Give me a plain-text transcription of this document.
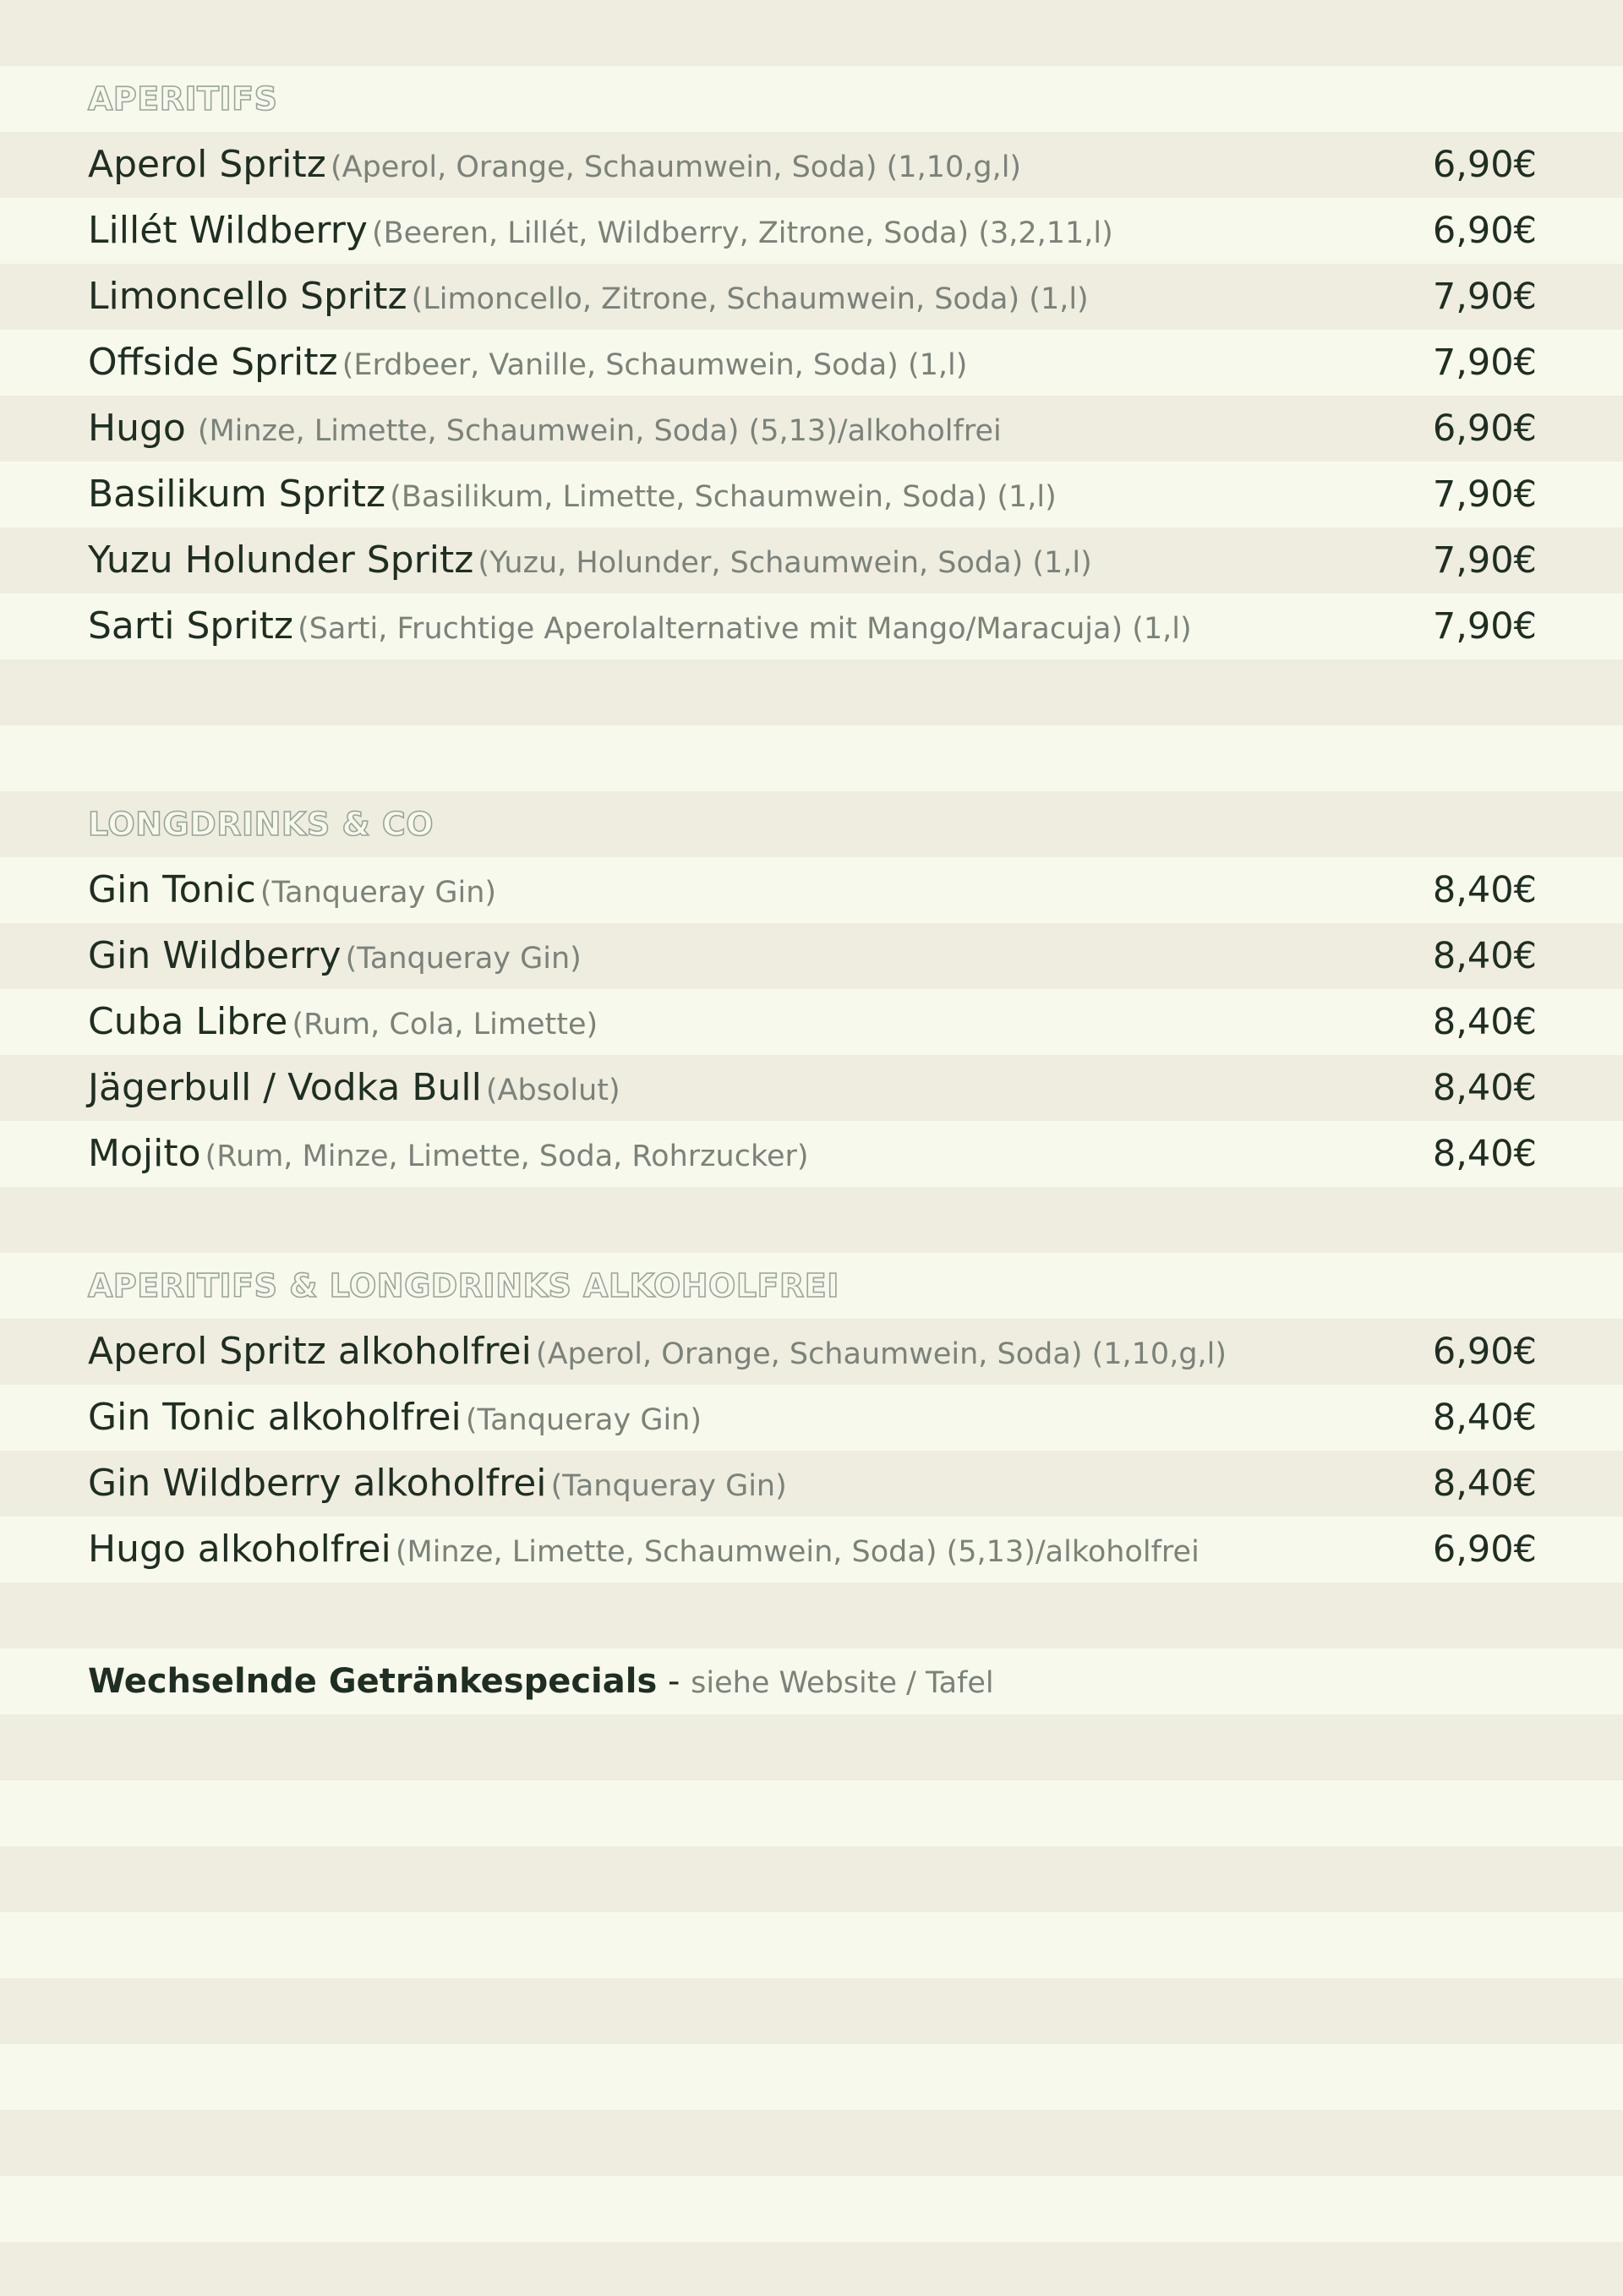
APERITIFS
Aperol Spritz (Aperol, Orange, Schaumwein, Soda) (1,10,g,l)	6,90€
Lillét Wildberry (Beeren, Lillét, Wildberry, Zitrone, Soda) (3,2,11,l)	6,90€
Limoncello Spritz (Limoncello, Zitrone, Schaumwein, Soda) (1,l)	7,90€
Offside Spritz (Erdbeer, Vanille, Schaumwein, Soda) (1,l)	7,90€
Hugo (Minze, Limette, Schaumwein, Soda) (5,13)/alkoholfrei	6,90€
Basilikum Spritz (Basilikum, Limette, Schaumwein, Soda) (1,l)	7,90€
Yuzu Holunder Spritz (Yuzu, Holunder, Schaumwein, Soda) (1,l)	7,90€
Sarti Spritz (Sarti, Fruchtige Aperolalternative mit Mango/Maracuja) (1,l)	7,90€
LONGDRINKS & CO
Gin Tonic (Tanqueray Gin)	8,40€
Gin Wildberry (Tanqueray Gin)	8,40€
Cuba Libre (Rum, Cola, Limette)	8,40€
Jägerbull / Vodka Bull (Absolut)	8,40€
Mojito (Rum, Minze, Limette, Soda, Rohrzucker)	8,40€
APERITIFS & LONGDRINKS ALKOHOLFREI
Aperol Spritz alkoholfrei (Aperol, Orange, Schaumwein, Soda) (1,10,g,l)	6,90€
Gin Tonic alkoholfrei (Tanqueray Gin)	8,40€
Gin Wildberry alkoholfrei (Tanqueray Gin)	8,40€
Hugo alkoholfrei (Minze, Limette, Schaumwein, Soda) (5,13)/alkoholfrei	6,90€
Wechselnde Getränkespecials - siehe Website / Tafel
